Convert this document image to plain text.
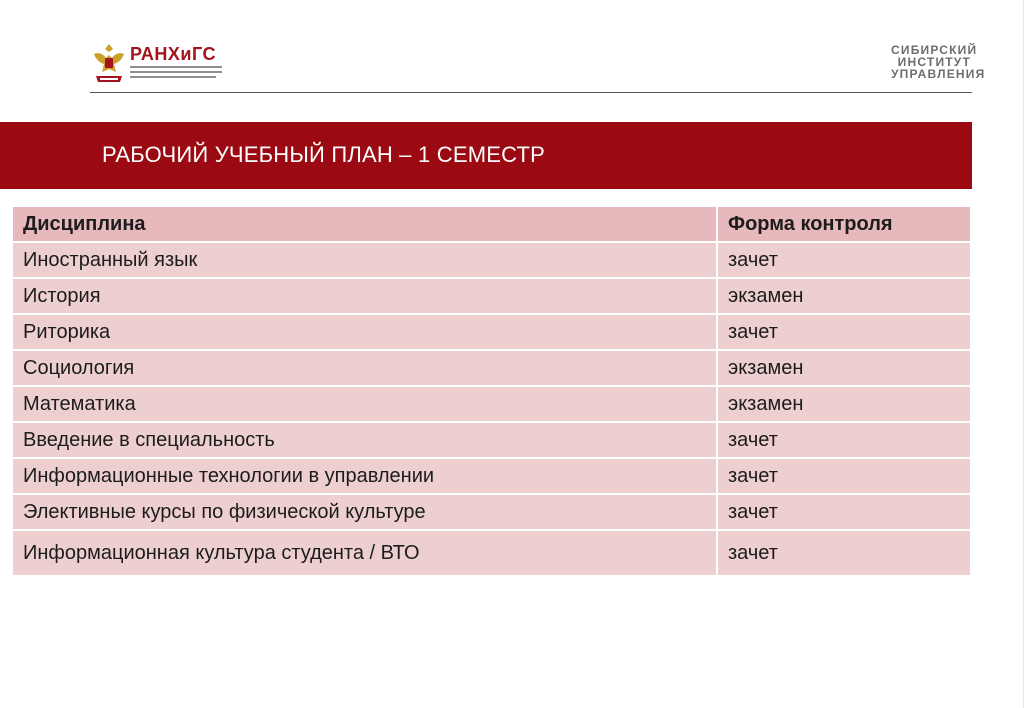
РАНХиГС	СИБИРСКИЙ
ИНСТИТУТ
УПРАВЛЕНИЯ
РАБОЧИЙ УЧЕБНЫЙ ПЛАН – 1 СЕМЕСТР
Дисциплина	Форма контроля
Иностранный язык	зачет
История	экзамен
Риторика	зачет
Социология	экзамен
Математика	экзамен
Введение в специальность	зачет
Информационные технологии в управлении	зачет
Элективные курсы по физической культуре	зачет
Информационная культура студента / ВТО	зачет
